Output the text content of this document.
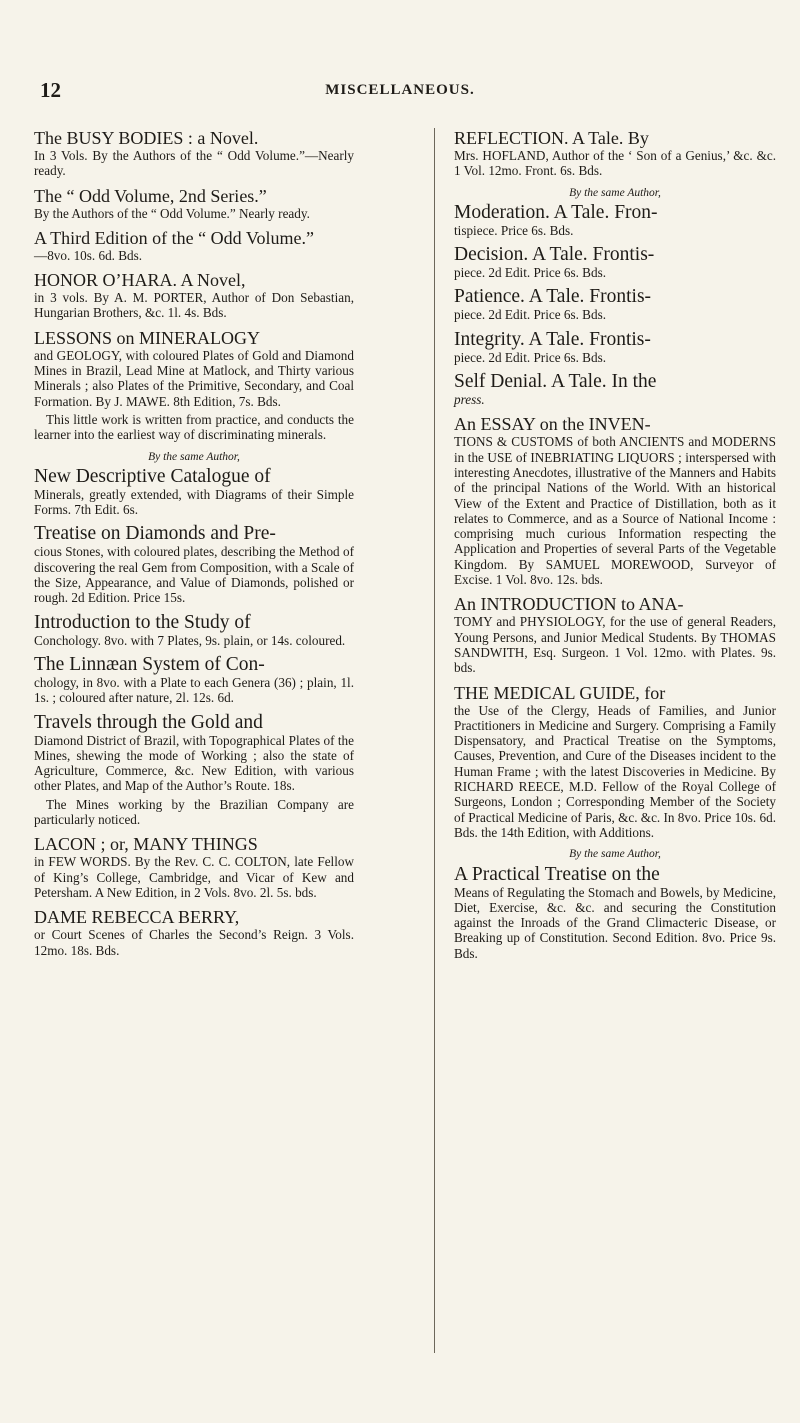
12	MISCELLANEOUS.
The BUSY BODIES : a Novel.
In 3 Vols. By the Authors of the “ Odd Volume.”—Nearly ready.
The “ Odd Volume, 2nd Series.”
By the Authors of the “ Odd Volume.” Nearly ready.
A Third Edition of the “ Odd Volume.”
—8vo. 10s. 6d. Bds.
HONOR O’HARA. A Novel,
in 3 vols. By A. M. PORTER, Author of Don Sebastian, Hungarian Brothers, &c. 1l. 4s. Bds.
LESSONS on MINERALOGY
and GEOLOGY, with coloured Plates of Gold and Diamond Mines in Brazil, Lead Mine at Matlock, and Thirty various Minerals ; also Plates of the Primitive, Secondary, and Coal Formation. By J. MAWE. 8th Edition, 7s. Bds.
This little work is written from practice, and conducts the learner into the earliest way of discriminating minerals.
By the same Author,
New Descriptive Catalogue of
Minerals, greatly extended, with Diagrams of their Simple Forms. 7th Edit. 6s.
Treatise on Diamonds and Pre-
cious Stones, with coloured plates, describing the Method of discovering the real Gem from Composition, with a Scale of the Size, Appearance, and Value of Diamonds, polished or rough. 2d Edition. Price 15s.
Introduction to the Study of
Conchology. 8vo. with 7 Plates, 9s. plain, or 14s. coloured.
The Linnæan System of Con-
chology, in 8vo. with a Plate to each Genera (36) ; plain, 1l. 1s. ; coloured after nature, 2l. 12s. 6d.
Travels through the Gold and
Diamond District of Brazil, with Topographical Plates of the Mines, shewing the mode of Working ; also the state of Agriculture, Commerce, &c. New Edition, with various other Plates, and Map of the Author’s Route. 18s.
The Mines working by the Brazilian Company are particularly noticed.
LACON ; or, MANY THINGS
in FEW WORDS. By the Rev. C. C. COLTON, late Fellow of King’s College, Cambridge, and Vicar of Kew and Petersham. A New Edition, in 2 Vols. 8vo. 2l. 5s. bds.
DAME REBECCA BERRY,
or Court Scenes of Charles the Second’s Reign. 3 Vols. 12mo. 18s. Bds.
REFLECTION. A Tale. By
Mrs. HOFLAND, Author of the ‘ Son of a Genius,’ &c. &c. 1 Vol. 12mo. Front. 6s. Bds.
By the same Author,
Moderation. A Tale. Fron-
tispiece. Price 6s. Bds.
Decision. A Tale. Frontis-
piece. 2d Edit. Price 6s. Bds.
Patience. A Tale. Frontis-
piece. 2d Edit. Price 6s. Bds.
Integrity. A Tale. Frontis-
piece. 2d Edit. Price 6s. Bds.
Self Denial. A Tale. In the
press.
An ESSAY on the INVEN-
TIONS & CUSTOMS of both ANCIENTS and MODERNS in the USE of INEBRIATING LIQUORS ; interspersed with interesting Anecdotes, illustrative of the Manners and Habits of the principal Nations of the World. With an historical View of the Extent and Practice of Distillation, both as it relates to Commerce, and as a Source of National Income : comprising much curious Information respecting the Application and Properties of several Parts of the Vegetable Kingdom. By SAMUEL MOREWOOD, Surveyor of Excise. 1 Vol. 8vo. 12s. bds.
An INTRODUCTION to ANA-
TOMY and PHYSIOLOGY, for the use of general Readers, Young Persons, and Junior Medical Students. By THOMAS SANDWITH, Esq. Surgeon. 1 Vol. 12mo. with Plates. 9s. bds.
THE MEDICAL GUIDE, for
the Use of the Clergy, Heads of Families, and Junior Practitioners in Medicine and Surgery. Comprising a Family Dispensatory, and Practical Treatise on the Symptoms, Causes, Prevention, and Cure of the Diseases incident to the Human Frame ; with the latest Discoveries in Medicine. By RICHARD REECE, M.D. Fellow of the Royal College of Surgeons, London ; Corresponding Member of the Society of Practical Medicine of Paris, &c. &c. In 8vo. Price 10s. 6d. Bds. the 14th Edition, with Additions.
By the same Author,
A Practical Treatise on the
Means of Regulating the Stomach and Bowels, by Medicine, Diet, Exercise, &c. &c. and securing the Constitution against the Inroads of the Grand Climacteric Disease, or Breaking up of Constitution. Second Edition. 8vo. Price 9s. Bds.
